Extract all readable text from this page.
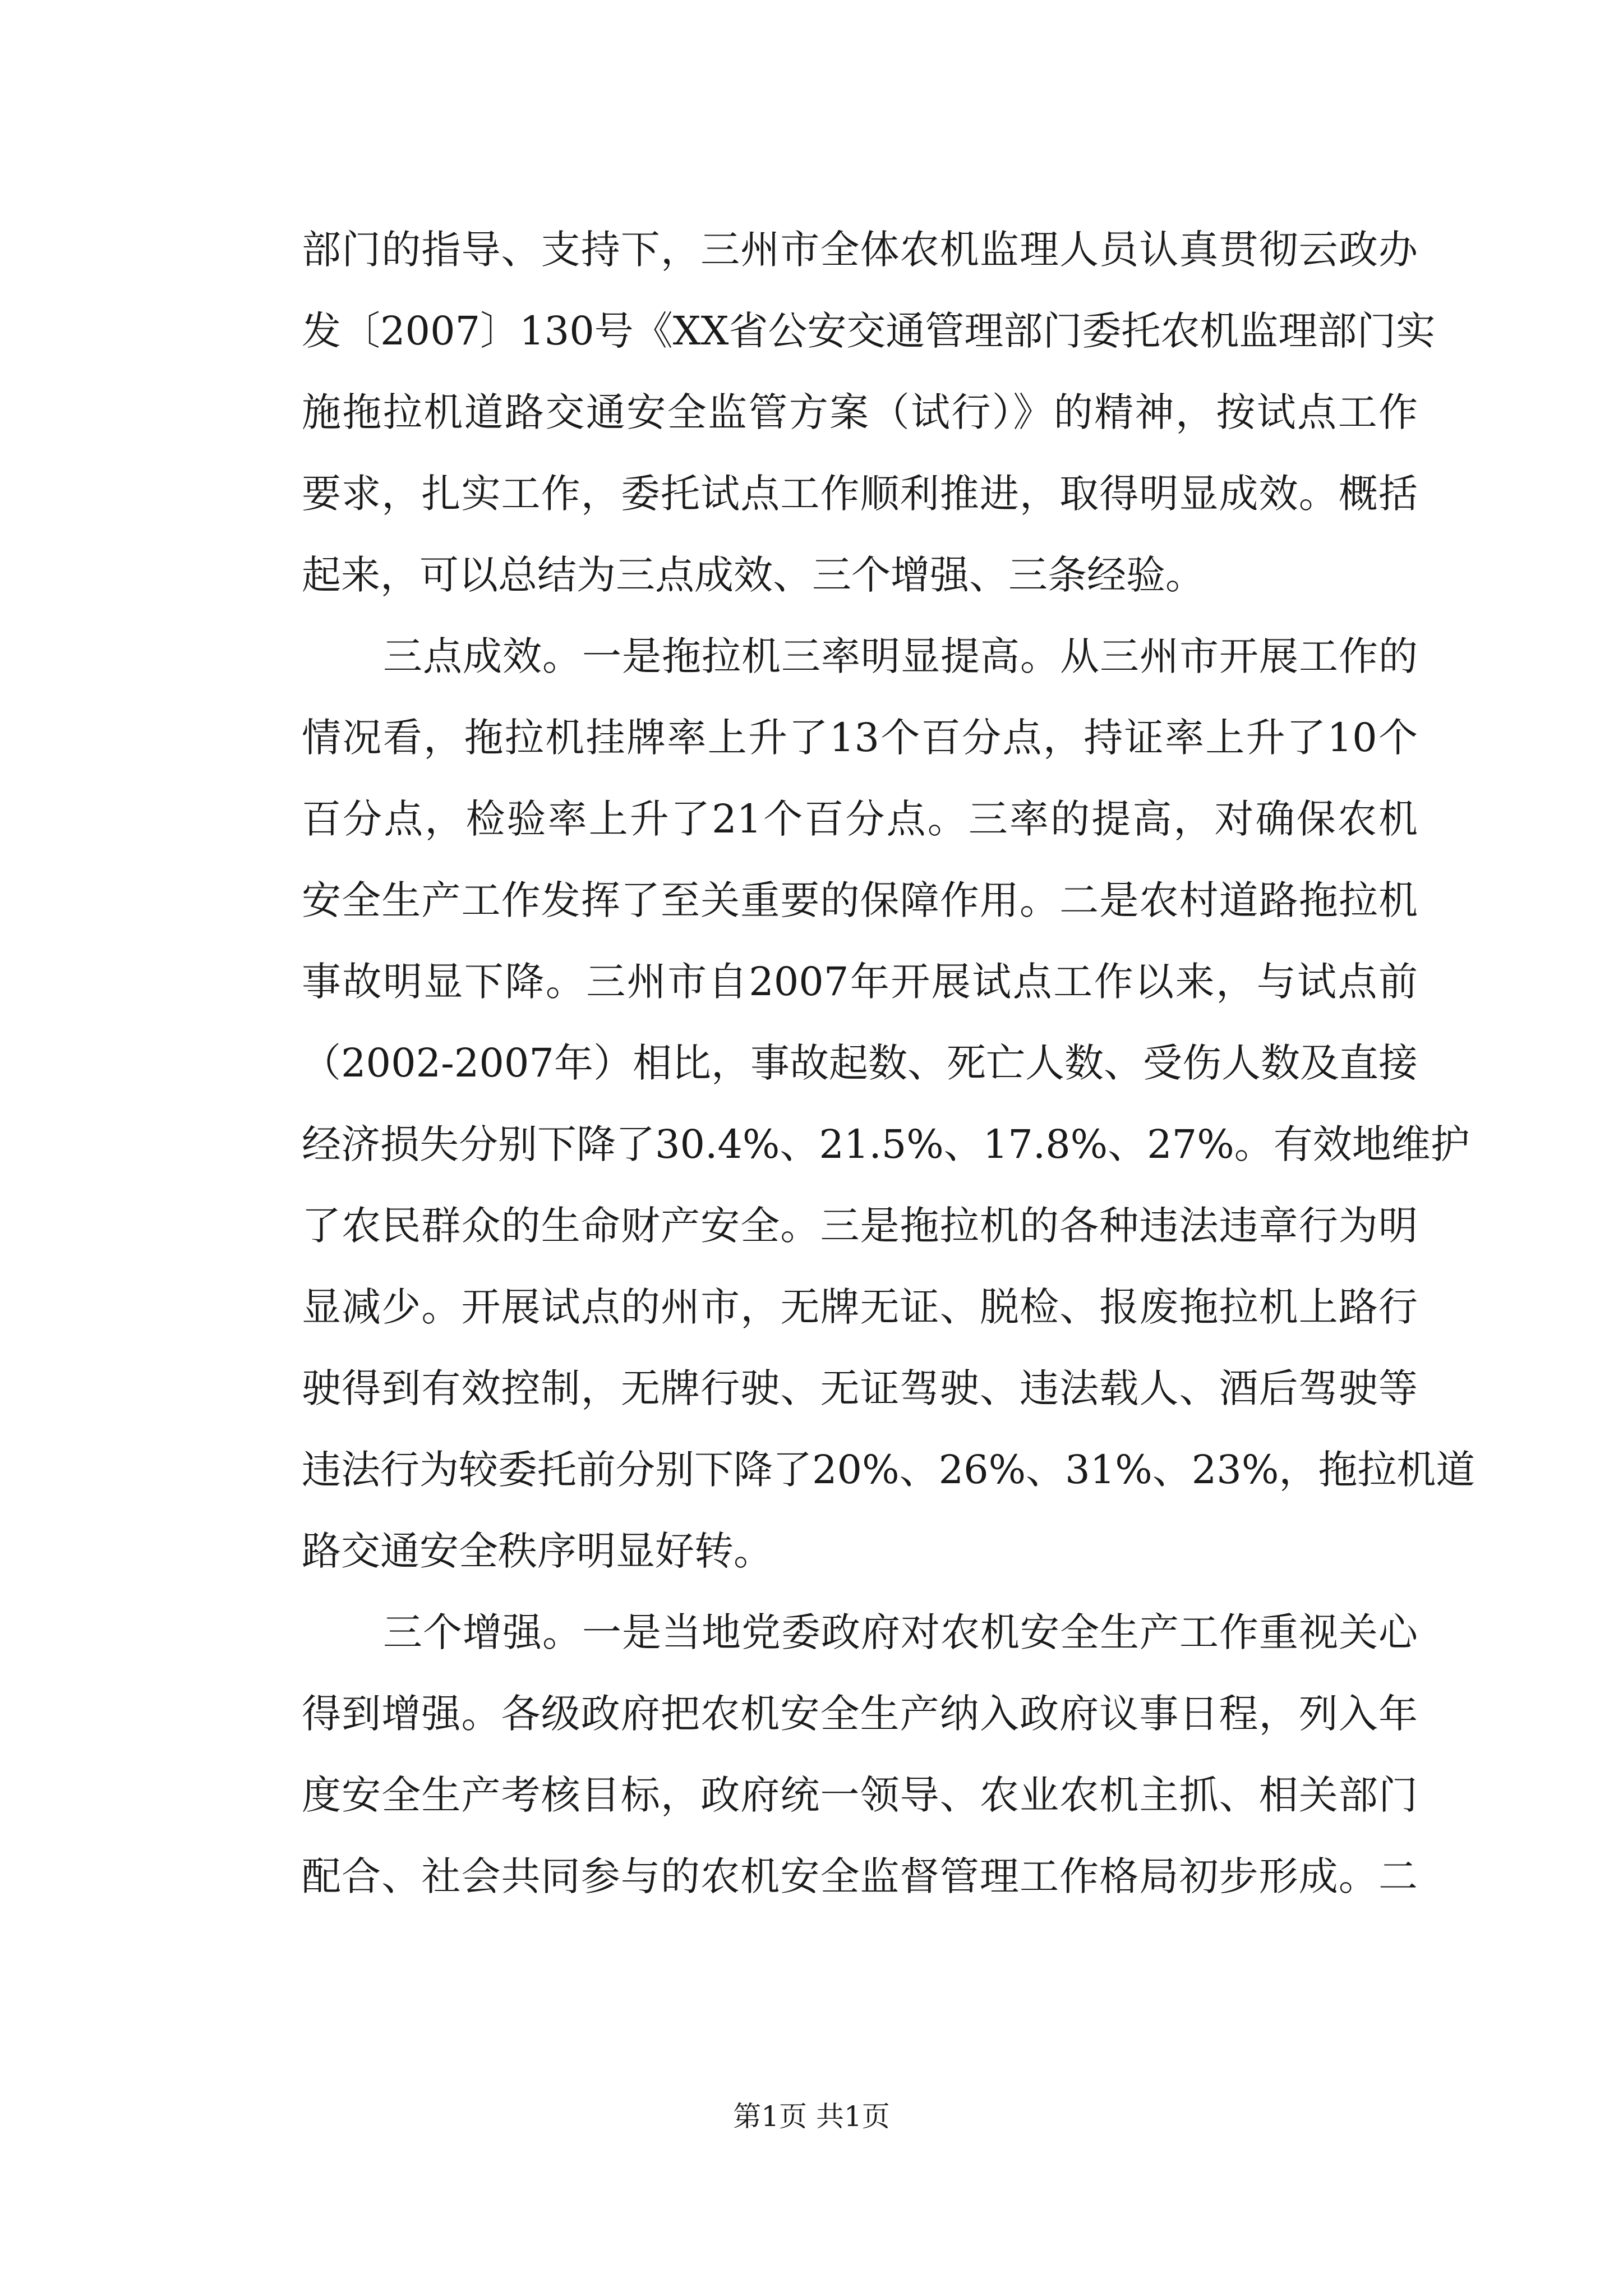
部门的指导、支持下，三州市全体农机监理人员认真贯彻云政办
发〔2007〕130号《XX省公安交通管理部门委托农机监理部门实
施拖拉机道路交通安全监管方案（试行）》的精神，按试点工作
要求，扎实工作，委托试点工作顺利推进，取得明显成效。概括
起来，可以总结为三点成效、三个增强、三条经验。
三点成效。一是拖拉机三率明显提高。从三州市开展工作的
情况看，拖拉机挂牌率上升了13个百分点，持证率上升了10个
百分点，检验率上升了21个百分点。三率的提高，对确保农机
安全生产工作发挥了至关重要的保障作用。二是农村道路拖拉机
事故明显下降。三州市自2007年开展试点工作以来，与试点前
（2002-2007年）相比，事故起数、死亡人数、受伤人数及直接
经济损失分别下降了30.4%、21.5%、17.8%、27%。有效地维护
了农民群众的生命财产安全。三是拖拉机的各种违法违章行为明
显减少。开展试点的州市，无牌无证、脱检、报废拖拉机上路行
驶得到有效控制，无牌行驶、无证驾驶、违法载人、酒后驾驶等
违法行为较委托前分别下降了20%、26%、31%、23%，拖拉机道
路交通安全秩序明显好转。
三个增强。一是当地党委政府对农机安全生产工作重视关心
得到增强。各级政府把农机安全生产纳入政府议事日程，列入年
度安全生产考核目标，政府统一领导、农业农机主抓、相关部门
配合、社会共同参与的农机安全监督管理工作格局初步形成。二
第1页 共1页
